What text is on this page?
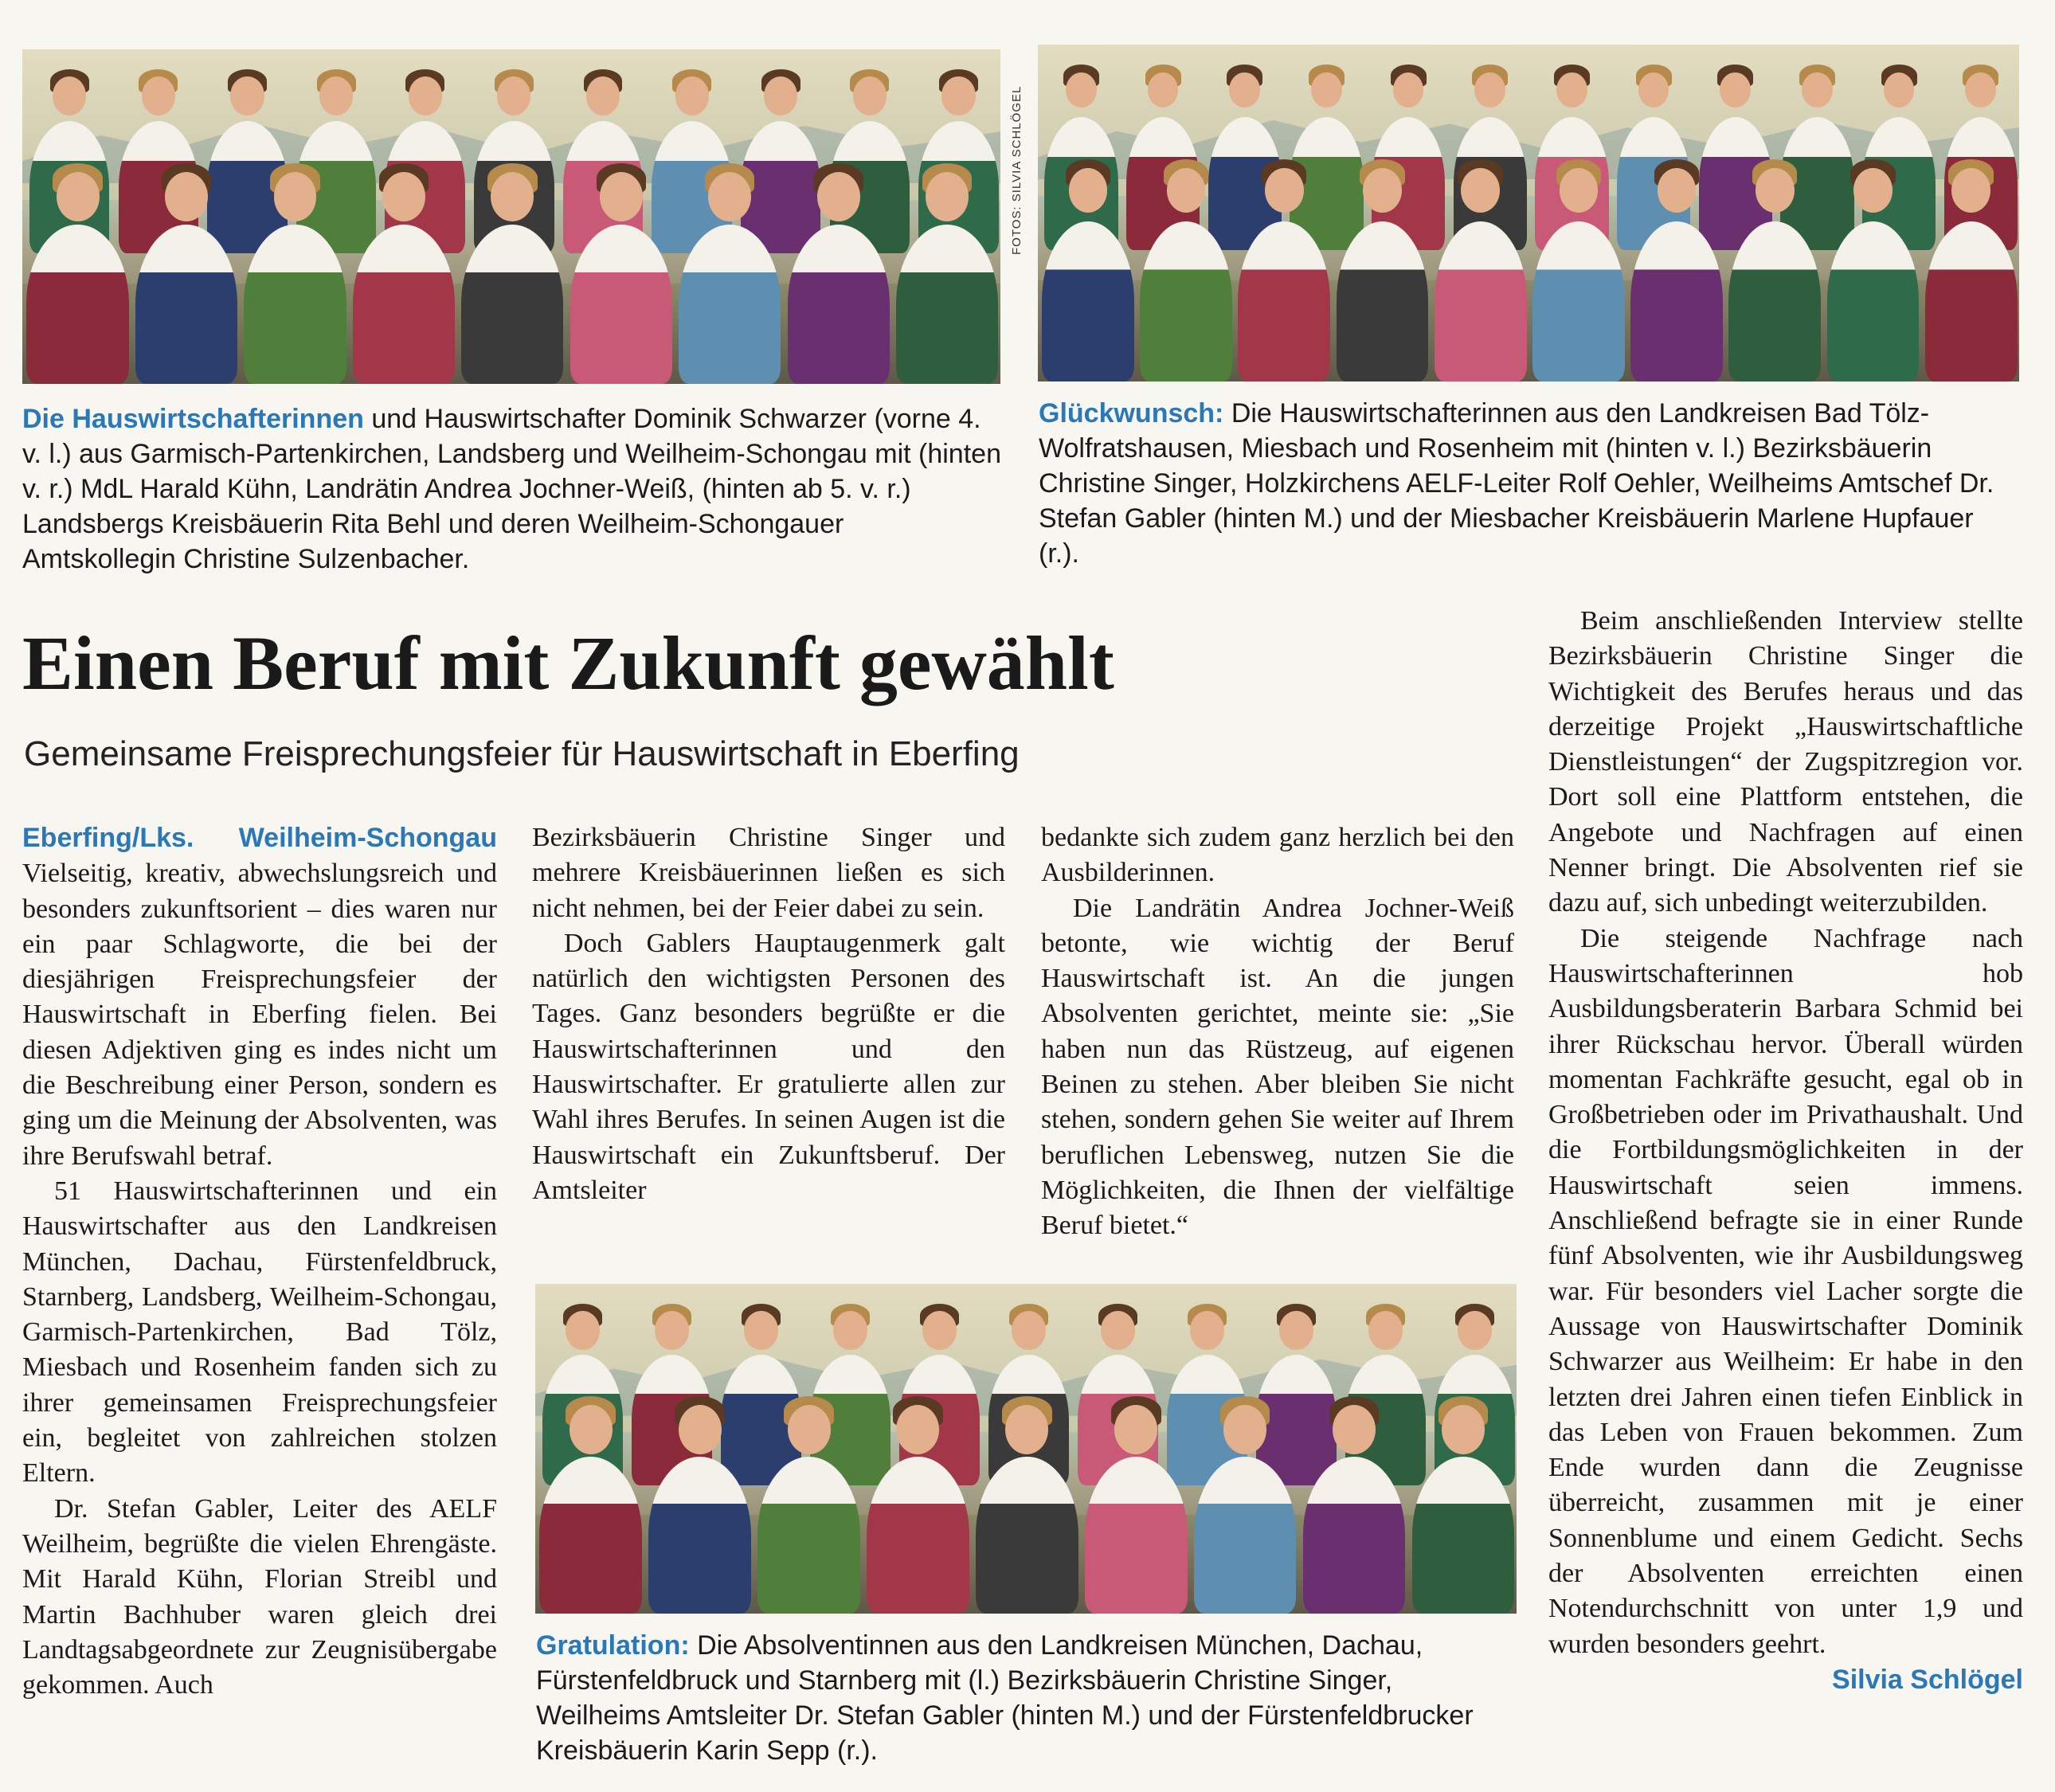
FOTOS: SILVIA SCHLÖGEL
Die Hauswirtschafterinnen und Hauswirtschafter Dominik Schwarzer (vorne 4. v. l.) aus Garmisch-Partenkirchen, Landsberg und Weilheim-Schongau mit (hinten v. r.) MdL Harald Kühn, Landrätin Andrea Jochner-Weiß, (hinten ab 5. v. r.) Landsbergs Kreisbäuerin Rita Behl und deren Weilheim-Schongauer Amtskollegin Christine Sulzenbacher.
Glückwunsch: Die Hauswirtschafterinnen aus den Landkreisen Bad Tölz-Wolfratshausen, Miesbach und Rosenheim mit (hinten v. l.) Bezirksbäuerin Christine Singer, Holzkirchens AELF-Leiter Rolf Oehler, Weilheims Amtschef Dr. Stefan Gabler (hinten M.) und der Miesbacher Kreisbäuerin Marlene Hupfauer (r.).
Einen Beruf mit Zukunft gewählt
Gemeinsame Freisprechungsfeier für Hauswirtschaft in Eberfing

Eberfing/Lks. Weilheim-Schongau Vielseitig, kreativ, abwechslungsreich und besonders zukunftsorient – dies waren nur ein paar Schlagworte, die bei der diesjährigen Freisprechungsfeier der Hauswirtschaft in Eberfing fielen. Bei diesen Adjektiven ging es indes nicht um die Beschreibung einer Person, sondern es ging um die Meinung der Absolventen, was ihre Berufswahl betraf.

51 Hauswirtschafterinnen und ein Hauswirtschafter aus den Landkreisen München, Dachau, Fürstenfeldbruck, Starnberg, Landsberg, Weilheim-Schongau, Garmisch-Partenkirchen, Bad Tölz, Miesbach und Rosenheim fanden sich zu ihrer gemeinsamen Freisprechungsfeier ein, begleitet von zahlreichen stolzen Eltern.

Dr. Stefan Gabler, Leiter des AELF Weilheim, begrüßte die vielen Ehrengäste. Mit Harald Kühn, Florian Streibl und Martin Bachhuber waren gleich drei Landtagsabgeordnete zur Zeugnisübergabe gekommen. Auch

Bezirksbäuerin Christine Singer und mehrere Kreisbäuerinnen ließen es sich nicht nehmen, bei der Feier dabei zu sein.

Doch Gablers Hauptaugenmerk galt natürlich den wichtigsten Personen des Tages. Ganz besonders begrüßte er die Hauswirtschafterinnen und den Hauswirtschafter. Er gratulierte allen zur Wahl ihres Berufes. In seinen Augen ist die Hauswirtschaft ein Zukunftsberuf. Der Amtsleiter

bedankte sich zudem ganz herzlich bei den Ausbilderinnen.

Die Landrätin Andrea Jochner-Weiß betonte, wie wichtig der Beruf Hauswirtschaft ist. An die jungen Absolventen gerichtet, meinte sie: „Sie haben nun das Rüstzeug, auf eigenen Beinen zu stehen. Aber bleiben Sie nicht stehen, sondern gehen Sie weiter auf Ihrem beruflichen Lebensweg, nutzen Sie die Möglichkeiten, die Ihnen der vielfältige Beruf bietet.“

Gratulation: Die Absolventinnen aus den Landkreisen München, Dachau, Fürstenfeldbruck und Starnberg mit (l.) Bezirksbäuerin Christine Singer, Weilheims Amtsleiter Dr. Stefan Gabler (hinten M.) und der Fürstenfeldbrucker Kreisbäuerin Karin Sepp (r.).

Beim anschließenden Interview stellte Bezirksbäuerin Christine Singer die Wichtigkeit des Berufes heraus und das derzeitige Projekt „Hauswirtschaftliche Dienstleistungen“ der Zugspitzregion vor. Dort soll eine Plattform entstehen, die Angebote und Nachfragen auf einen Nenner bringt. Die Absolventen rief sie dazu auf, sich unbedingt weiterzubilden.

Die steigende Nachfrage nach Hauswirtschafterinnen hob Ausbildungsberaterin Barbara Schmid bei ihrer Rückschau hervor. Überall würden momentan Fachkräfte gesucht, egal ob in Großbetrieben oder im Privathaushalt. Und die Fortbildungsmöglichkeiten in der Hauswirtschaft seien immens. Anschließend befragte sie in einer Runde fünf Absolventen, wie ihr Ausbildungsweg war. Für besonders viel Lacher sorgte die Aussage von Hauswirtschafter Dominik Schwarzer aus Weilheim: Er habe in den letzten drei Jahren einen tiefen Einblick in das Leben von Frauen bekommen. Zum Ende wurden dann die Zeugnisse überreicht, zusammen mit je einer Sonnenblume und einem Gedicht. Sechs der Absolventen erreichten einen Notendurchschnitt von unter 1,9 und wurden besonders geehrt.
Silvia Schlögel
